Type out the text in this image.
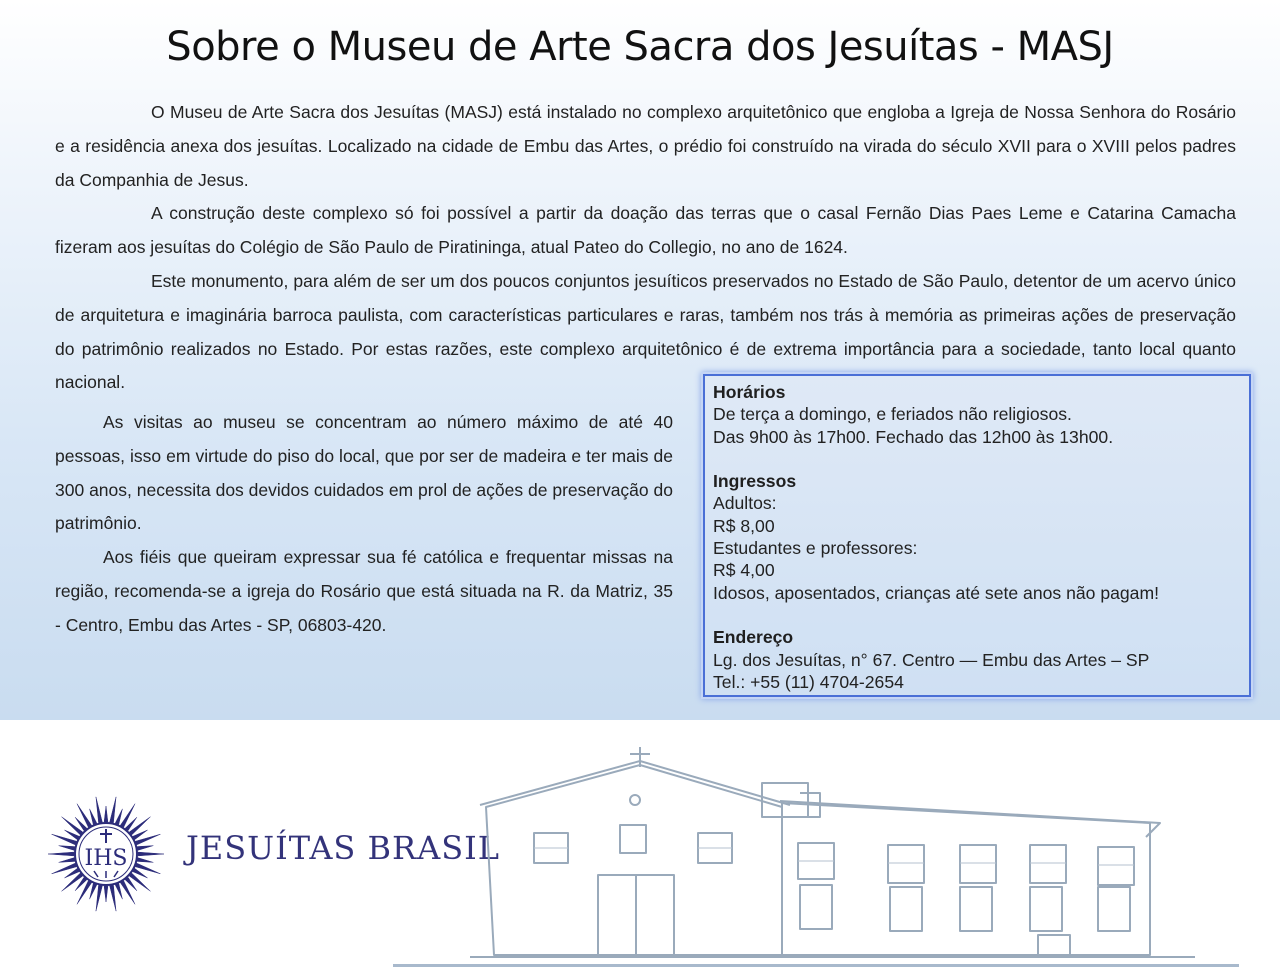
Sobre o Museu de Arte Sacra dos Jesuítas - MASJ

O Museu de Arte Sacra dos Jesuítas (MASJ) está instalado no complexo arquitetônico que engloba a Igreja de Nossa Senhora do Rosário e a residência anexa dos jesuítas. Localizado na cidade de Embu das Artes, o prédio foi construído na virada do século XVII para o XVIII pelos padres da Companhia de Jesus.

A construção deste complexo só foi possível a partir da doação das terras que o casal Fernão Dias Paes Leme e Catarina Camacha fizeram aos jesuítas do Colégio de São Paulo de Piratininga, atual Pateo do Collegio, no ano de 1624.

Este monumento, para além de ser um dos poucos conjuntos jesuíticos preservados no Estado de São Paulo, detentor de um acervo único de arquitetura e imaginária barroca paulista, com características particulares e raras, também nos trás à memória as primeiras ações de preservação do patrimônio realizados no Estado. Por estas razões, este complexo arquitetônico é de extrema importância para a sociedade, tanto local quanto nacional.

As visitas ao museu se concentram ao número máximo de até 40 pessoas, isso em virtude do piso do local, que por ser de madeira e ter mais de 300 anos, necessita dos devidos cuidados em prol de ações de preservação do patrimônio.

Aos fiéis que queiram expressar sua fé católica e frequentar missas na região, recomenda-se a igreja do Rosário que está situada na R. da Matriz, 35 - Centro, Embu das Artes - SP, 06803-420.

Horários
De terça a domingo, e feriados não religiosos.
Das 9h00 às 17h00. Fechado das 12h00 às 13h00.
Ingressos
Adultos:
R$ 8,00
Estudantes e professores:
R$ 4,00
Idosos, aposentados, crianças até sete anos não pagam!
Endereço
Lg. dos Jesuítas, n° 67. Centro — Embu das Artes – SP
Tel.: +55 (11) 4704-2654
IHS JESUÍTAS BRASIL
